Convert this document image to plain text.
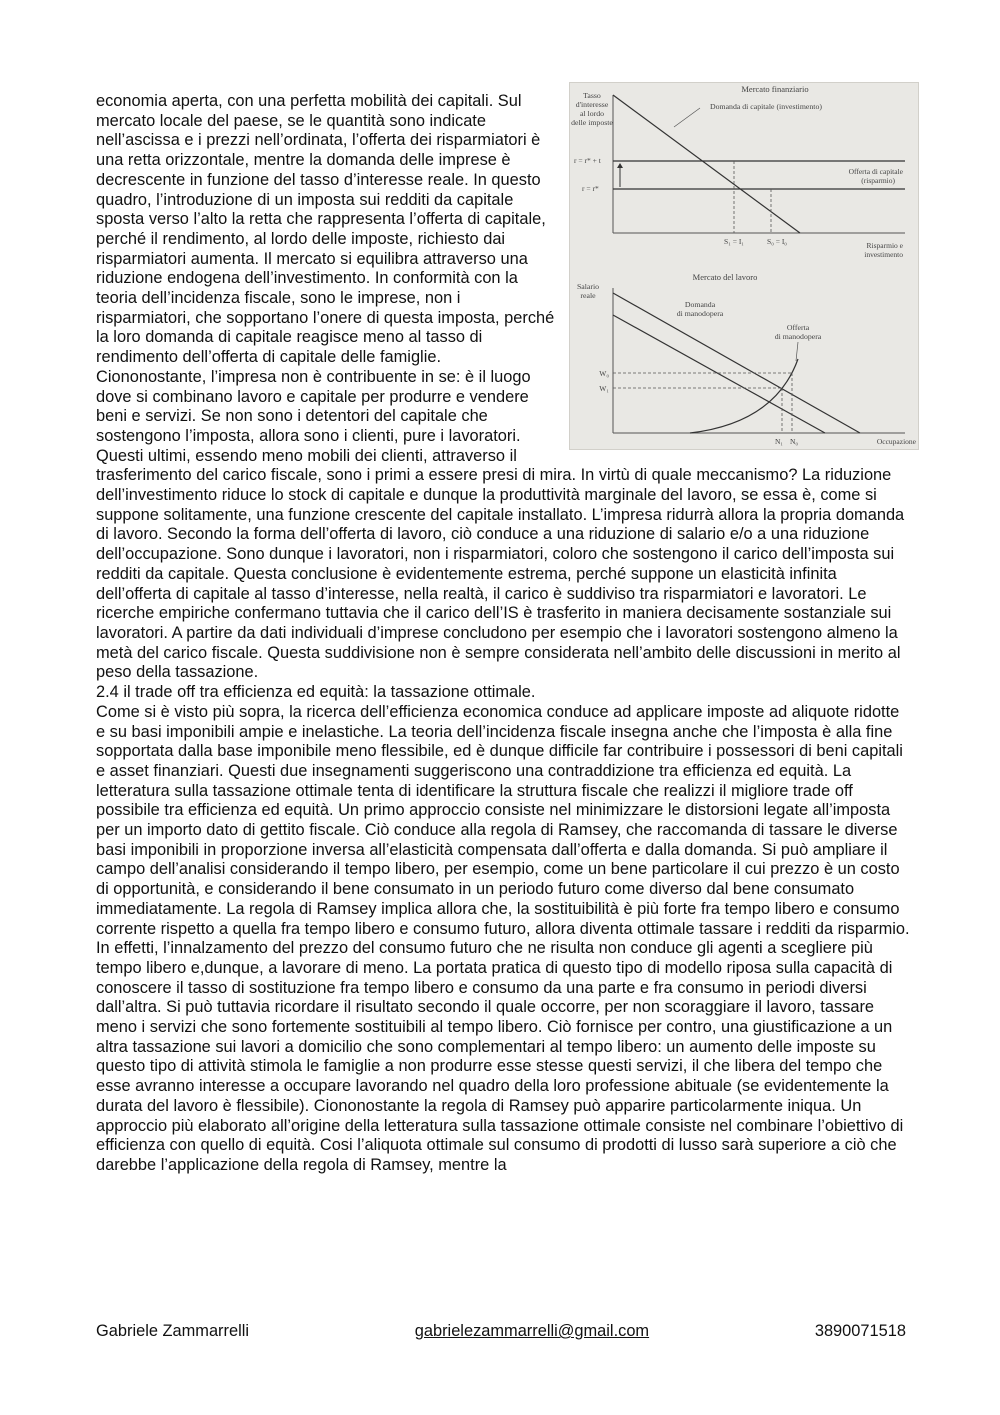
Mercato finanziario
Tasso
d'interesse
al lordo
delle imposte
Domanda di capitale (investimento)
r = r* + t
r = r*
Offerta di capitale
(risparmio)
S₁ = I₁	S₀ = I₀	Risparmio e
investimento
Mercato del lavoro
Salario
reale
Domanda
di manodopera
Offerta
di manodopera
W₀
W₁
N₁ N₀	Occupazione

economia aperta, con una perfetta mobilità dei capitali. Sul mercato locale del paese, se le quantità sono indicate nell’ascissa e i prezzi nell’ordinata, l’offerta dei risparmiatori è una retta orizzontale, mentre la domanda delle imprese è decrescente in funzione del tasso d’interesse reale. In questo quadro, l’introduzione di un imposta sui redditi da capitale sposta verso l’alto la retta che rappresenta l’offerta di capitale, perché il rendimento, al lordo delle imposte, richiesto dai risparmiatori aumenta. Il mercato si equilibra attraverso una riduzione endogena dell’investimento. In conformità con la teoria dell’incidenza fiscale, sono le imprese, non i risparmiatori, che sopportano l’onere di questa imposta, perché la loro domanda di capitale reagisce meno al tasso di rendimento dell’offerta di capitale delle famiglie. Ciononostante, l’impresa non è contribuente in se: è il luogo dove si combinano lavoro e capitale per produrre e vendere beni e servizi. Se non sono i detentori del capitale che sostengono l’imposta, allora sono i clienti, pure i lavoratori. Questi ultimi, essendo meno mobili dei clienti, attraverso il trasferimento del carico fiscale, sono i primi a essere presi di mira. In virtù di quale meccanismo? La riduzione dell’investimento riduce lo stock di capitale e dunque la produttività marginale del lavoro, se essa è, come si suppone solitamente, una funzione crescente del capitale installato. L’impresa ridurrà allora la propria domanda di lavoro. Secondo la forma dell’offerta di lavoro, ciò conduce a una riduzione di salario e/o a una riduzione dell’occupazione. Sono dunque i lavoratori, non i risparmiatori, coloro che sostengono il carico dell’imposta sui redditi da capitale. Questa conclusione è evidentemente estrema, perché suppone un elasticità infinita dell’offerta di capitale al tasso d’interesse, nella realtà, il carico è suddiviso tra risparmiatori e lavoratori. Le ricerche empiriche confermano tuttavia che il carico dell’IS è trasferito in maniera decisamente sostanziale sui lavoratori. A partire da dati individuali d’imprese concludono per esempio che i lavoratori sostengono almeno la metà del carico fiscale. Questa suddivisione non è sempre considerata nell’ambito delle discussioni in merito al peso della tassazione.

2.4 il trade off tra efficienza ed equità: la tassazione ottimale.

Come si è visto più sopra, la ricerca dell’efficienza economica conduce ad applicare imposte ad aliquote ridotte e su basi imponibili ampie e inelastiche. La teoria dell’incidenza fiscale insegna anche che l’imposta è alla fine sopportata dalla base imponibile meno flessibile, ed è dunque difficile far contribuire i possessori di beni capitali e asset finanziari. Questi due insegnamenti suggeriscono una contraddizione tra efficienza ed equità. La letteratura sulla tassazione ottimale tenta di identificare la struttura fiscale che realizzi il migliore trade off possibile tra efficienza ed equità. Un primo approccio consiste nel minimizzare le distorsioni legate all’imposta per un importo dato di gettito fiscale. Ciò conduce alla regola di Ramsey, che raccomanda di tassare le diverse basi imponibili in proporzione inversa all’elasticità compensata dall’offerta e dalla domanda. Si può ampliare il campo dell’analisi considerando il tempo libero, per esempio, come un bene particolare il cui prezzo è un costo di opportunità, e considerando il bene consumato in un periodo futuro come diverso dal bene consumato immediatamente. La regola di Ramsey implica allora che, la sostituibilità è più forte fra tempo libero e consumo corrente rispetto a quella fra tempo libero e consumo futuro, allora diventa ottimale tassare i redditi da risparmio. In effetti, l’innalzamento del prezzo del consumo futuro che ne risulta non conduce gli agenti a scegliere più tempo libero e,dunque, a lavorare di meno. La portata pratica di questo tipo di modello riposa sulla capacità di conoscere il tasso di sostituzione fra tempo libero e consumo da una parte e fra consumo in periodi diversi dall’altra. Si può tuttavia ricordare il risultato secondo il quale occorre, per non scoraggiare il lavoro, tassare meno i servizi che sono fortemente sostituibili al tempo libero. Ciò fornisce per contro, una giustificazione a un altra tassazione sui lavori a domicilio che sono complementari al tempo libero: un aumento delle imposte su questo tipo di attività stimola le famiglie a non produrre esse stesse questi servizi, il che libera del tempo che esse avranno interesse a occupare lavorando nel quadro della loro professione abituale (se evidentemente la durata del lavoro è flessibile). Ciononostante la regola di Ramsey può apparire particolarmente iniqua. Un approccio più elaborato all’origine della letteratura sulla tassazione ottimale consiste nel combinare l’obiettivo di efficienza con quello di equità. Cosi l’aliquota ottimale sul consumo di prodotti di lusso sarà superiore a ciò che darebbe l’applicazione della regola di Ramsey, mentre la

Gabriele Zammarrelli	gabrielezammarrelli@gmail.com	3890071518
